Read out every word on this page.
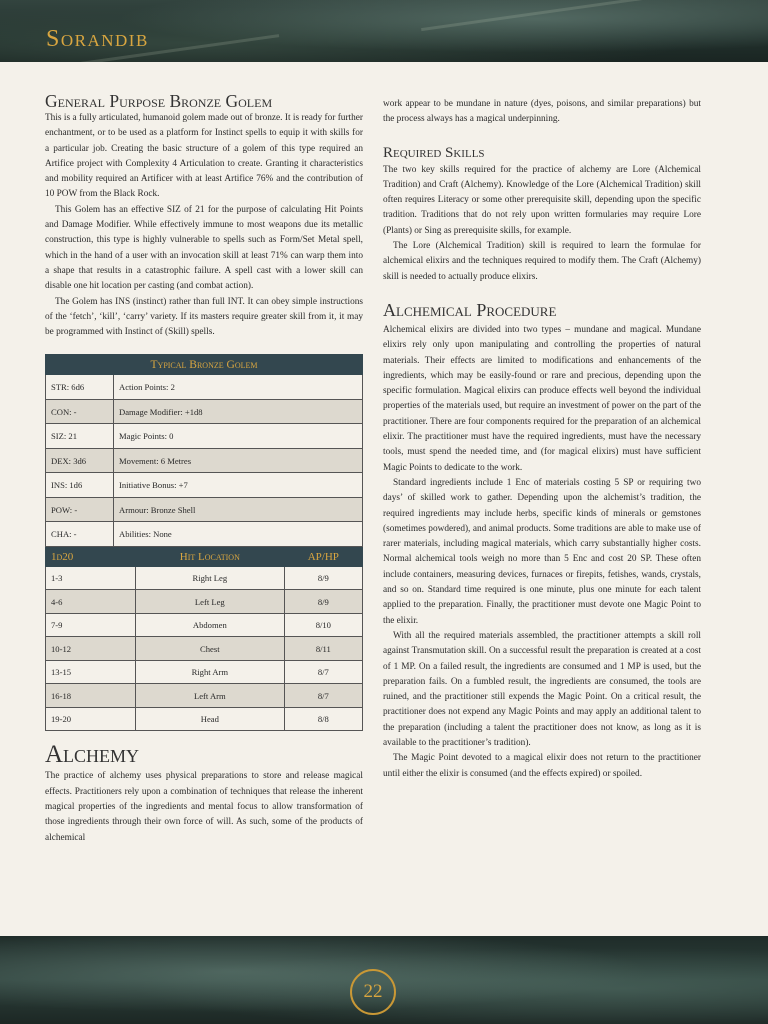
Sorandib
General Purpose Bronze Golem

This is a fully articulated, humanoid golem made out of bronze. It is ready for further enchantment, or to be used as a platform for Instinct spells to equip it with skills for a particular job. Creating the basic structure of a golem of this type required an Artifice project with Complexity 4 Articulation to create. Granting it characteristics and mobility required an Artificer with at least Artifice 76% and the contribution of 10 POW from the Black Rock.

This Golem has an effective SIZ of 21 for the purpose of calculating Hit Points and Damage Modifier. While effectively immune to most weapons due its metallic construction, this type is highly vulnerable to spells such as Form/Set Metal spell, which in the hand of a user with an invocation skill at least 71% can warp them into a shape that results in a catastrophic failure. A spell cast with a lower skill can disable one hit location per casting (and combat action).

The Golem has INS (instinct) rather than full INT. It can obey simple instructions of the ‘fetch’, ‘kill’, ‘carry’ variety. If its masters require greater skill from it, it may be programmed with Instinct of (Skill) spells.

Typical Bronze Golem	
STR: 6d6	Action Points: 2
CON: -	Damage Modifier: +1d8
SIZ: 21	Magic Points: 0
DEX: 3d6	Movement: 6 Metres
INS: 1d6	Initiative Bonus: +7
POW: -	Armour: Bronze Shell
CHA: -	Abilities: None
1d20	Hit Location	AP/HP
1-3	Right Leg	8/9
4-6	Left Leg	8/9
7-9	Abdomen	8/10
10-12	Chest	8/11
13-15	Right Arm	8/7
16-18	Left Arm	8/7
19-20	Head	8/8
Alchemy

The practice of alchemy uses physical preparations to store and release magical effects. Practitioners rely upon a combination of techniques that release the inherent magical properties of the ingredients and mental focus to allow transformation of those ingredients through their own force of will. As such, some of the products of alchemical

work appear to be mundane in nature (dyes, poisons, and similar preparations) but the process always has a magical underpinning.

Required Skills

The two key skills required for the practice of alchemy are Lore (Alchemical Tradition) and Craft (Alchemy). Knowledge of the Lore (Alchemical Tradition) skill often requires Literacy or some other prerequisite skill, depending upon the specific tradition. Traditions that do not rely upon written formularies may require Lore (Plants) or Sing as prerequisite skills, for example.

The Lore (Alchemical Tradition) skill is required to learn the formulae for alchemical elixirs and the techniques required to modify them. The Craft (Alchemy) skill is needed to actually produce elixirs.

Alchemical Procedure

Alchemical elixirs are divided into two types – mundane and magical. Mundane elixirs rely only upon manipulating and controlling the properties of natural materials. Their effects are limited to modifications and enhancements of the ingredients, which may be easily-found or rare and precious, depending upon the specific formulation. Magical elixirs can produce effects well beyond the individual properties of the materials used, but require an investment of power on the part of the practitioner. There are four components required for the preparation of an alchemical elixir. The practitioner must have the required ingredients, must have the necessary tools, must spend the needed time, and (for magical elixirs) must have sufficient Magic Points to dedicate to the work.

Standard ingredients include 1 Enc of materials costing 5 SP or requiring two days’ of skilled work to gather. Depending upon the alchemist’s tradition, the required ingredients may include herbs, specific kinds of minerals or gemstones (sometimes powdered), and animal products. Some traditions are able to make use of rarer materials, including magical materials, which carry substantially higher costs. Normal alchemical tools weigh no more than 5 Enc and cost 20 SP. These often include containers, measuring devices, furnaces or firepits, fetishes, wands, crystals, and so on. Standard time required is one minute, plus one minute for each talent applied to the preparation. Finally, the practitioner must devote one Magic Point to the elixir.

With all the required materials assembled, the practitioner attempts a skill roll against Transmutation skill. On a successful result the preparation is created at a cost of 1 MP. On a failed result, the ingredients are consumed and 1 MP is used, but the preparation fails. On a fumbled result, the ingredients are consumed, the tools are ruined, and the practitioner still expends the Magic Point. On a critical result, the practitioner does not expend any Magic Points and may apply an additional talent to the preparation (including a talent the practitioner does not know, as long as it is available to the practitioner’s tradition).

The Magic Point devoted to a magical elixir does not return to the practitioner until either the elixir is consumed (and the effects expired) or spoiled.

22
